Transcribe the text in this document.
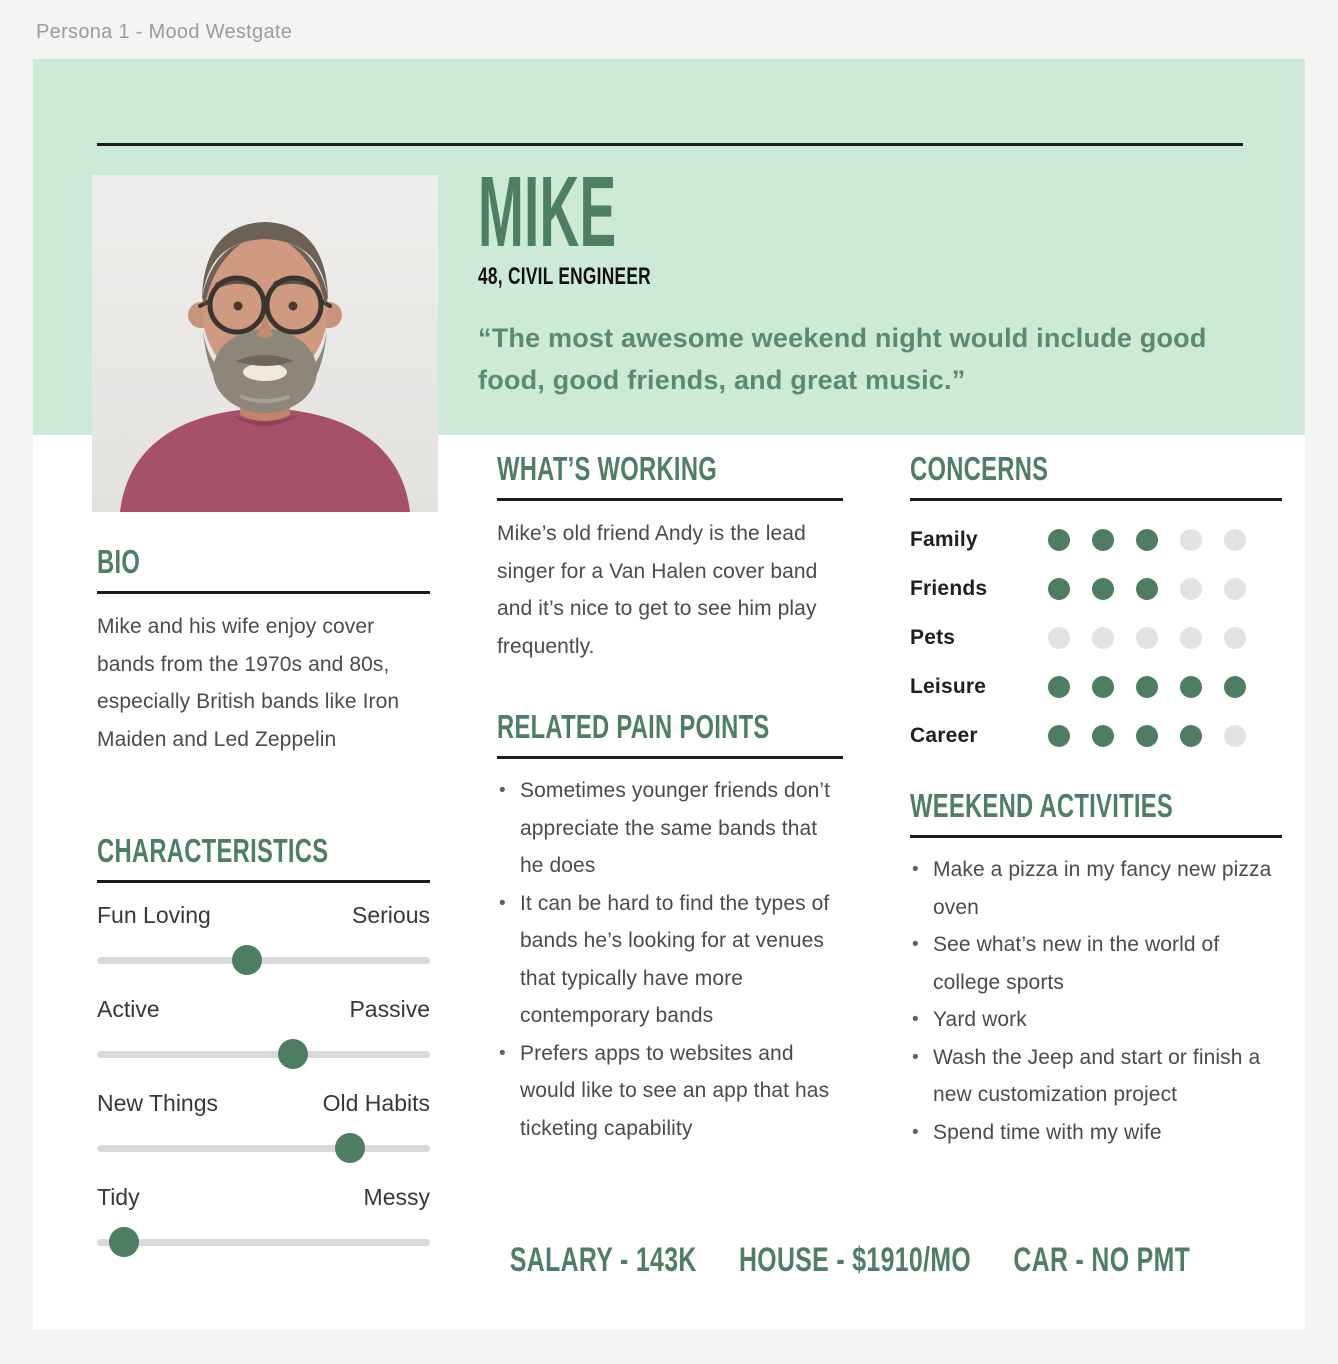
Persona 1 - Mood Westgate
MIKE
48, CIVIL ENGINEER
“The most awesome weekend night would include good food, good friends, and great music.”
BIO
Mike and his wife enjoy cover bands from the 1970s and 80s, especially British bands like Iron Maiden and Led Zeppelin
CHARACTERISTICS
Fun Loving	Serious
Active	Passive
New Things	Old Habits
Tidy	Messy
WHAT’S WORKING
Mike’s old friend Andy is the lead singer for a Van Halen cover band and it’s nice to get to see him play frequently.
RELATED PAIN POINTS
• Sometimes younger friends don’t appreciate the same bands that he does
• It can be hard to find the types of bands he’s looking for at venues that typically have more contemporary bands
• Prefers apps to websites and would like to see an app that has ticketing capability
CONCERNS
Family
Friends
Pets
Leisure
Career
WEEKEND ACTIVITIES
• Make a pizza in my fancy new pizza oven
• See what’s new in the world of college sports
• Yard work
• Wash the Jeep and start or finish a new customization project
• Spend time with my wife
SALARY - 143K HOUSE - $1910/MO CAR - NO PMT
